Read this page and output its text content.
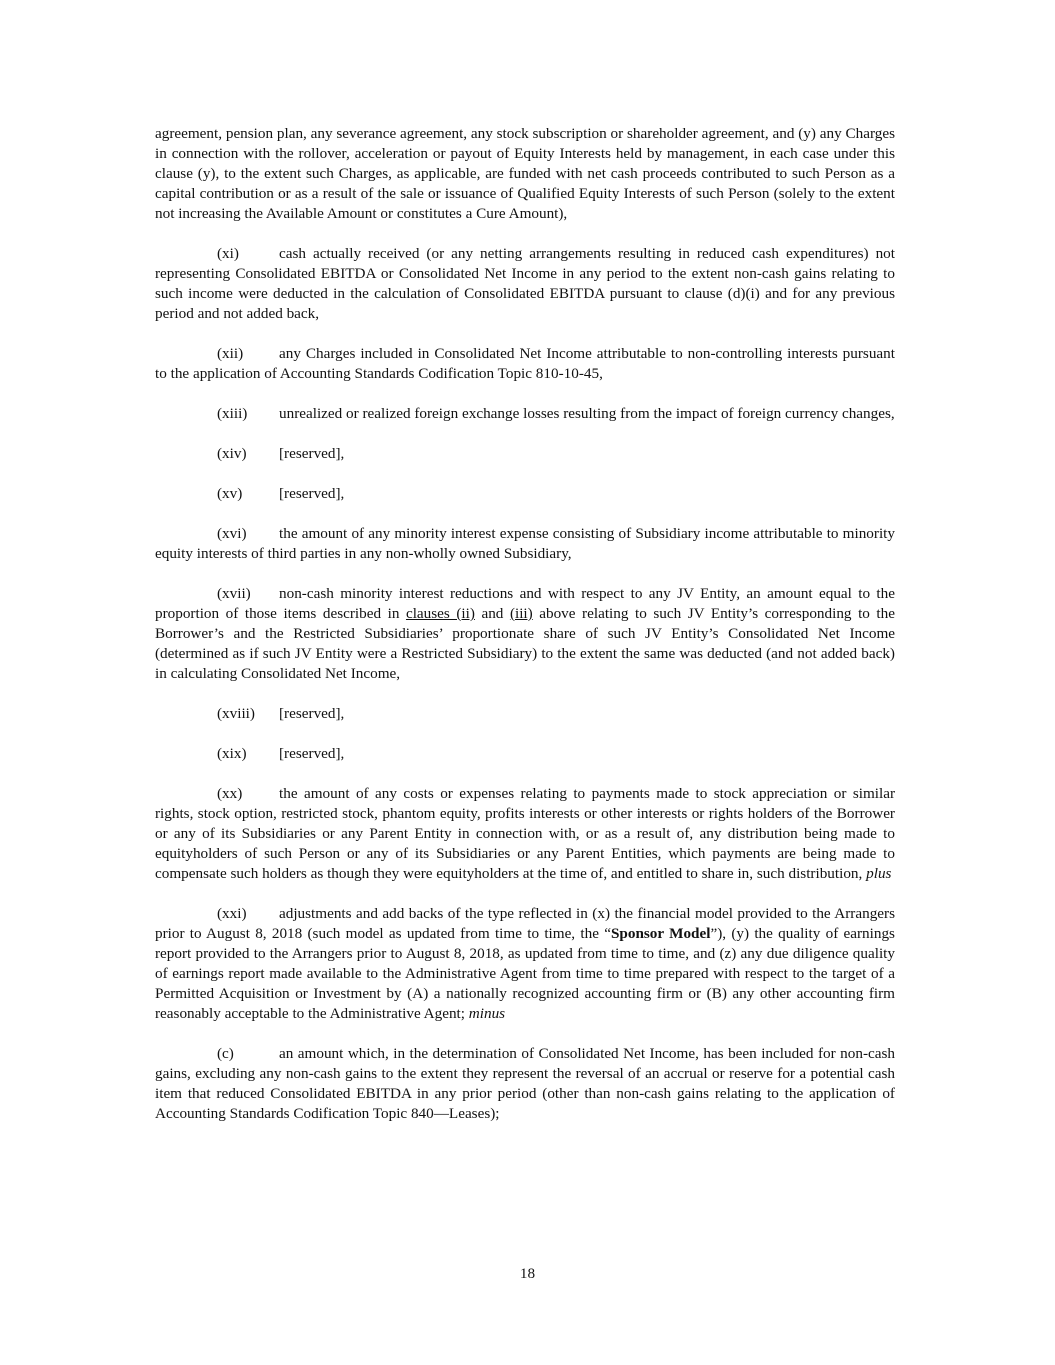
agreement, pension plan, any severance agreement, any stock subscription or shareholder agreement, and (y) any Charges in connection with the rollover, acceleration or payout of Equity Interests held by management, in each case under this clause (y), to the extent such Charges, as applicable, are funded with net cash proceeds contributed to such Person as a capital contribution or as a result of the sale or issuance of Qualified Equity Interests of such Person (solely to the extent not increasing the Available Amount or constitutes a Cure Amount),

(xi)	cash actually received (or any netting arrangements resulting in reduced cash expenditures) not representing Consolidated EBITDA or Consolidated Net Income in any period to the extent non-cash gains relating to such income were deducted in the calculation of Consolidated EBITDA pursuant to clause (d)(i) and for any previous period and not added back,

(xii) any Charges included in Consolidated Net Income attributable to non-controlling interests pursuant to the application of Accounting Standards Codification Topic 810-10-45,

(xiii) unrealized or realized foreign exchange losses resulting from the impact of foreign currency changes,

(xiv) [reserved],

(xv) [reserved],

(xvi) the amount of any minority interest expense consisting of Subsidiary income attributable to minority equity interests of third parties in any non-wholly owned Subsidiary,

(xvii) non-cash minority interest reductions and with respect to any JV Entity, an amount equal to the proportion of those items described in clauses (ii) and (iii) above relating to such JV Entity’s corresponding to the Borrower’s and the Restricted Subsidiaries’ proportionate share of such JV Entity’s Consolidated Net Income (determined as if such JV Entity were a Restricted Subsidiary) to the extent the same was deducted (and not added back) in calculating Consolidated Net Income,

(xviii) [reserved],

(xix) [reserved],

(xx) the amount of any costs or expenses relating to payments made to stock appreciation or similar rights, stock option, restricted stock, phantom equity, profits interests or other interests or rights holders of the Borrower or any of its Subsidiaries or any Parent Entity in connection with, or as a result of, any distribution being made to equityholders of such Person or any of its Subsidiaries or any Parent Entities, which payments are being made to compensate such holders as though they were equityholders at the time of, and entitled to share in, such distribution, plus

(xxi) adjustments and add backs of the type reflected in (x) the financial model provided to the Arrangers prior to August 8, 2018 (such model as updated from time to time, the “Sponsor Model”), (y) the quality of earnings report provided to the Arrangers prior to August 8, 2018, as updated from time to time, and (z) any due diligence quality of earnings report made available to the Administrative Agent from time to time prepared with respect to the target of a Permitted Acquisition or Investment by (A) a nationally recognized accounting firm or (B) any other accounting firm reasonably acceptable to the Administrative Agent; minus

(c)	an amount which, in the determination of Consolidated Net Income, has been included for non-cash gains, excluding any non-cash gains to the extent they represent the reversal of an accrual or reserve for a potential cash item that reduced Consolidated EBITDA in any prior period (other than non-cash gains relating to the application of Accounting Standards Codification Topic 840—Leases);

18
